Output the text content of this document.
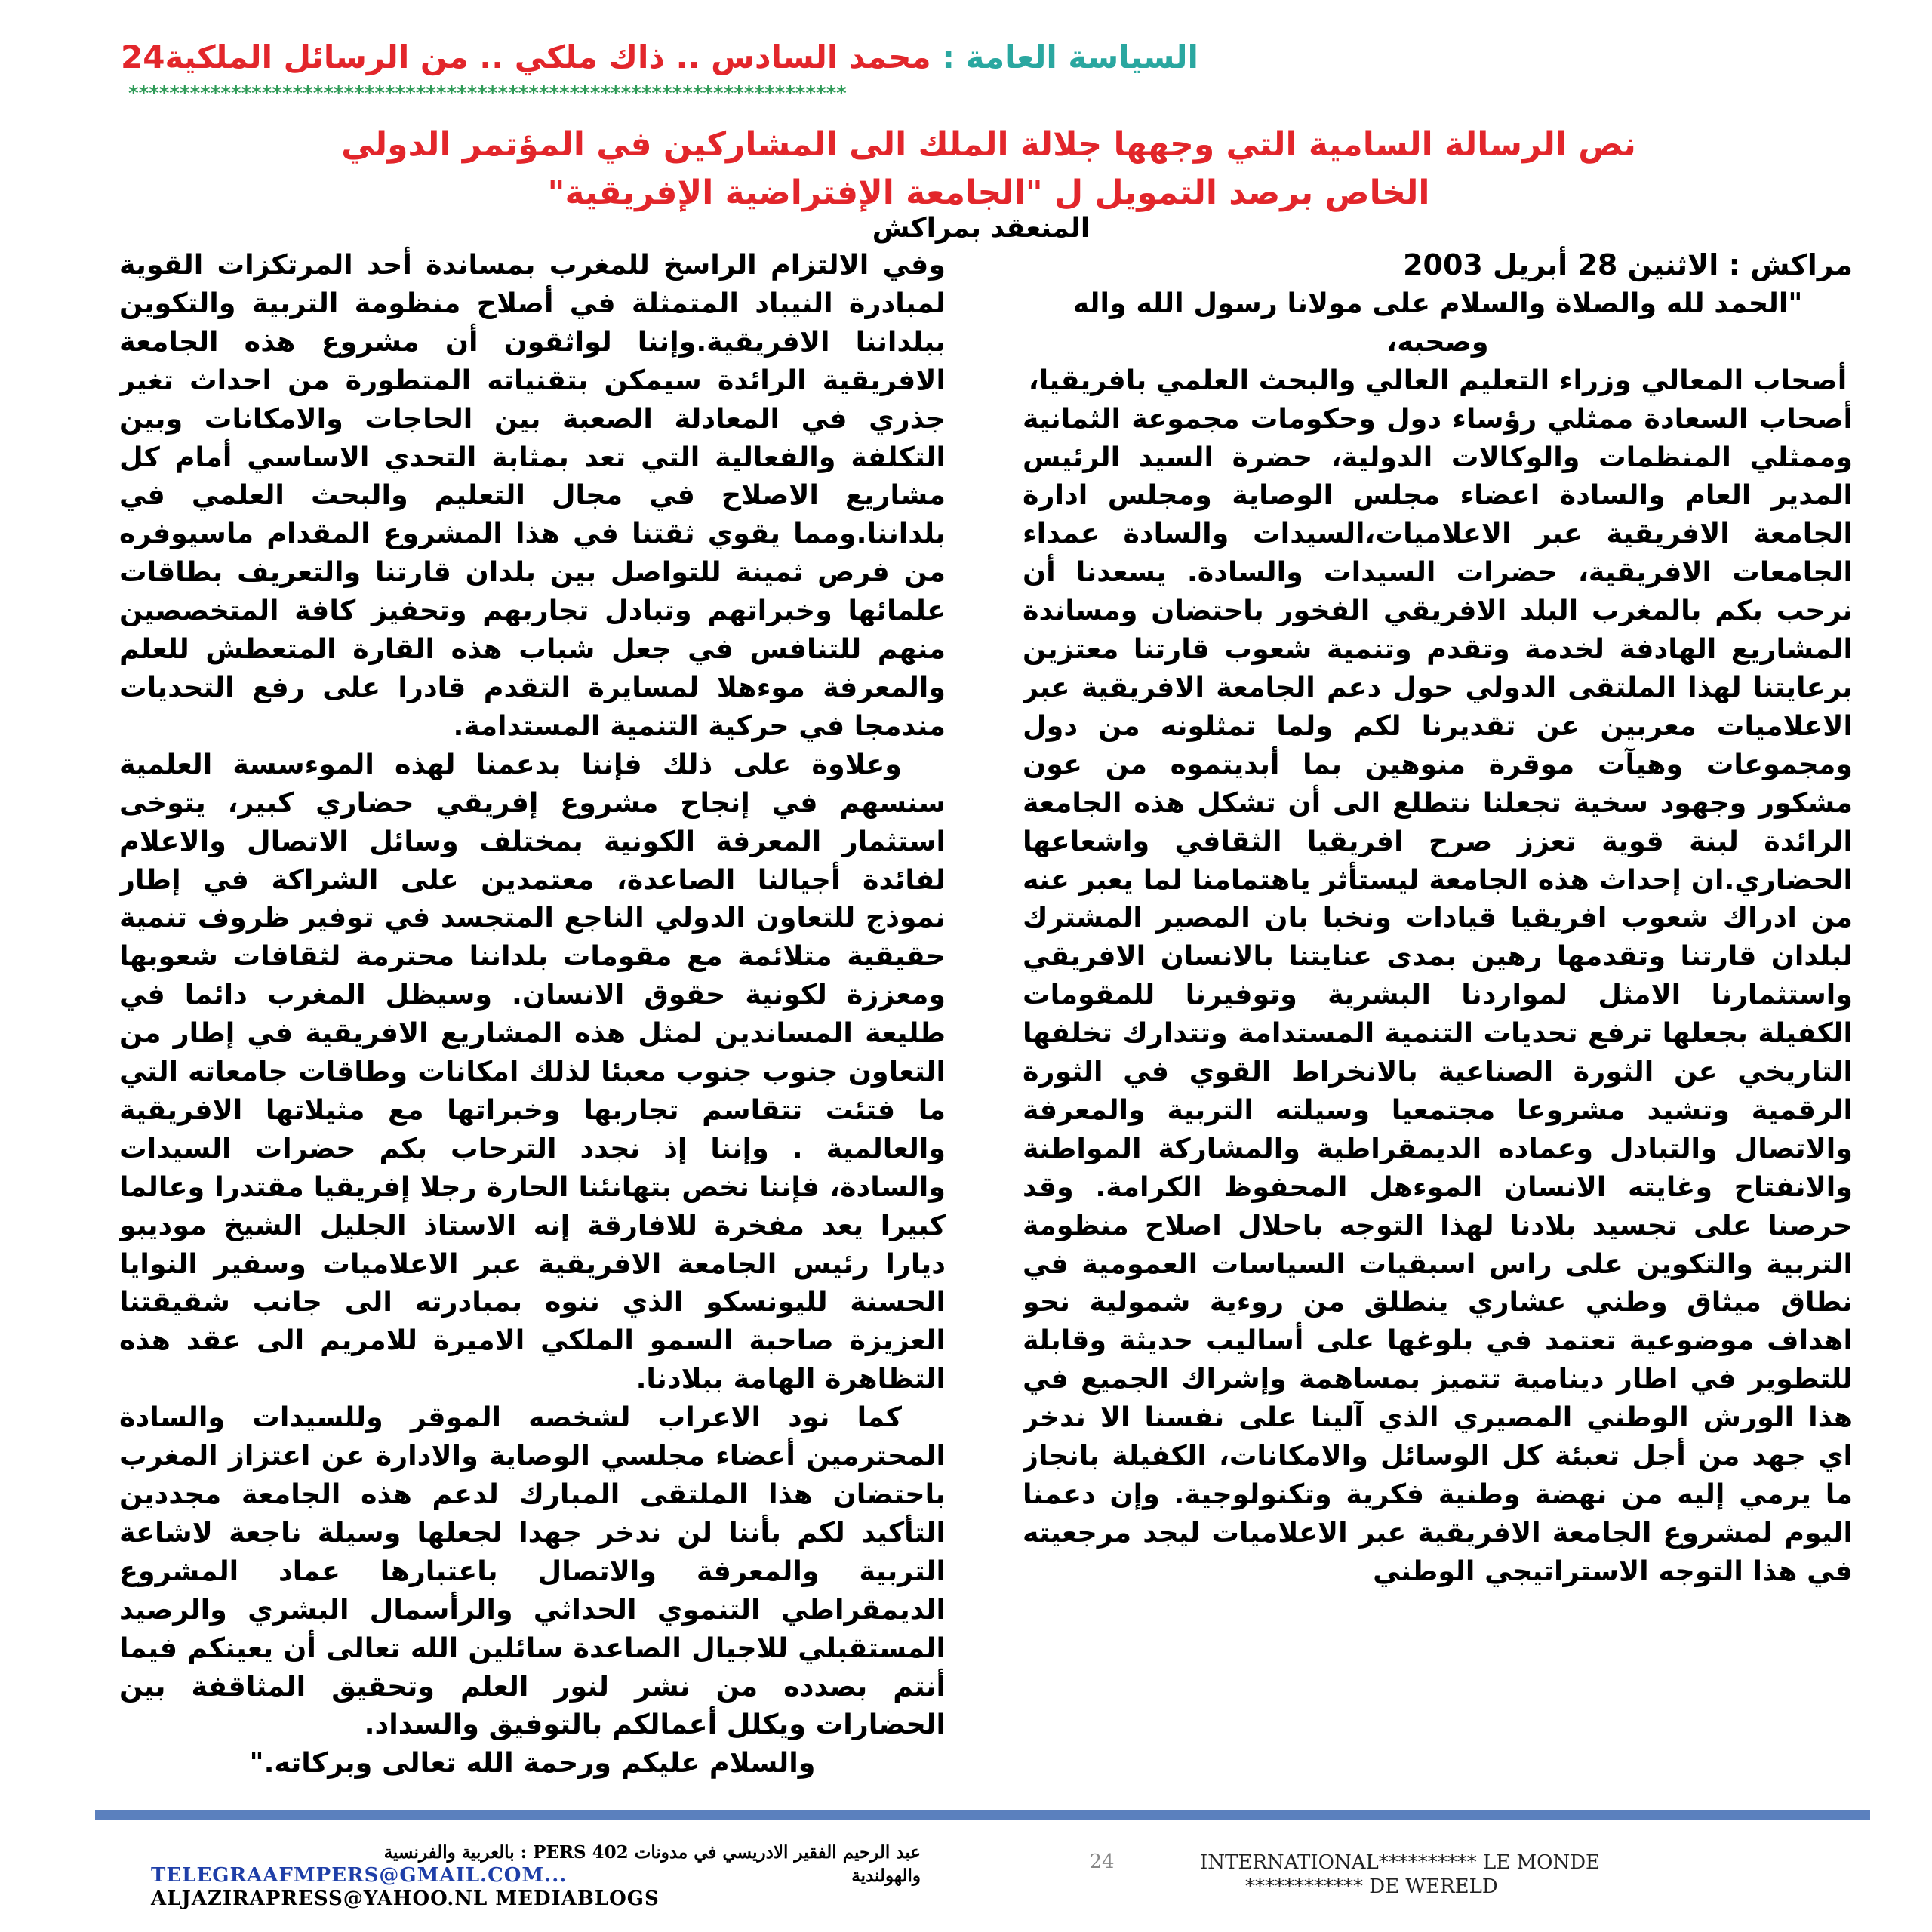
السياسة العامة : محمد السادس .. ذاك ملكي .. من الرسائل الملكية24
**********************************************************************
نص الرسالة السامية التي وجهها جلالة الملك الى المشاركين في المؤتمر الدولي
الخاص برصد التمويل ل "الجامعة الإفتراضية الإفريقية"
المنعقد بمراكش

مراكش : الاثنين 28 أبريل 2003

"الحمد لله والصلاة والسلام على مولانا رسول الله واله وصحبه،

أصحاب المعالي وزراء التعليم العالي والبحث العلمي بافريقيا،

أصحاب السعادة ممثلي رؤساء دول وحكومات مجموعة الثمانية وممثلي المنظمات والوكالات الدولية، حضرة السيد الرئيس المدير العام والسادة اعضاء مجلس الوصاية ومجلس ادارة الجامعة الافريقية عبر الاعلاميات،السيدات والسادة عمداء الجامعات الافريقية، حضرات السيدات والسادة. يسعدنا أن نرحب بكم بالمغرب البلد الافريقي الفخور باحتضان ومساندة المشاريع الهادفة لخدمة وتقدم وتنمية شعوب قارتنا معتزين برعايتنا لهذا الملتقى الدولي حول دعم الجامعة الافريقية عبر الاعلاميات معربين عن تقديرنا لكم ولما تمثلونه من دول ومجموعات وهيآت موقرة منوهين بما أبديتموه من عون مشكور وجهود سخية تجعلنا نتطلع الى أن تشكل هذه الجامعة الرائدة لبنة قوية تعزز صرح افريقيا الثقافي واشعاعها الحضاري.ان إحداث هذه الجامعة ليستأثر ياهتمامنا لما يعبر عنه من ادراك شعوب افريقيا قيادات ونخبا بان المصير المشترك لبلدان قارتنا وتقدمها رهين بمدى عنايتنا بالانسان الافريقي واستثمارنا الامثل لمواردنا البشرية وتوفيرنا للمقومات الكفيلة بجعلها ترفع تحديات التنمية المستدامة وتتدارك تخلفها التاريخي عن الثورة الصناعية بالانخراط القوي في الثورة الرقمية وتشيد مشروعا مجتمعيا وسيلته التربية والمعرفة والاتصال والتبادل وعماده الديمقراطية والمشاركة المواطنة والانفتاح وغايته الانسان الموءهل المحفوظ الكرامة. وقد حرصنا على تجسيد بلادنا لهذا التوجه باحلال اصلاح منظومة التربية والتكوين على راس اسبقيات السياسات العمومية في نطاق ميثاق وطني عشاري ينطلق من روءية شمولية نحو اهداف موضوعية تعتمد في بلوغها على أساليب حديثة وقابلة للتطوير في اطار دينامية تتميز بمساهمة وإشراك الجميع في هذا الورش الوطني المصيري الذي آلينا على نفسنا الا ندخر اي جهد من أجل تعبئة كل الوسائل والامكانات، الكفيلة بانجاز ما يرمي إليه من نهضة وطنية فكرية وتكنولوجية. وإن دعمنا اليوم لمشروع الجامعة الافريقية عبر الاعلاميات ليجد مرجعيته في هذا التوجه الاستراتيجي الوطني

وفي الالتزام الراسخ للمغرب بمساندة أحد المرتكزات القوية لمبادرة النيباد المتمثلة في أصلاح منظومة التربية والتكوين ببلداننا الافريقية.وإننا لواثقون أن مشروع هذه الجامعة الافريقية الرائدة سيمكن بتقنياته المتطورة من احداث تغير جذري في المعادلة الصعبة بين الحاجات والامكانات وبين التكلفة والفعالية التي تعد بمثابة التحدي الاساسي أمام كل مشاريع الاصلاح في مجال التعليم والبحث العلمي في بلداننا.ومما يقوي ثقتنا في هذا المشروع المقدام ماسيوفره من فرص ثمينة للتواصل بين بلدان قارتنا والتعريف بطاقات علمائها وخبراتهم وتبادل تجاربهم وتحفيز كافة المتخصصين منهم للتنافس في جعل شباب هذه القارة المتعطش للعلم والمعرفة موءهلا لمسايرة التقدم قادرا على رفع التحديات مندمجا في حركية التنمية المستدامة.

وعلاوة على ذلك فإننا بدعمنا لهذه الموءسسة العلمية سنسهم في إنجاح مشروع إفريقي حضاري كبير، يتوخى استثمار المعرفة الكونية بمختلف وسائل الاتصال والاعلام لفائدة أجيالنا الصاعدة، معتمدين على الشراكة في إطار نموذج للتعاون الدولي الناجع المتجسد في توفير ظروف تنمية حقيقية متلائمة مع مقومات بلداننا محترمة لثقافات شعوبها ومعززة لكونية حقوق الانسان. وسيظل المغرب دائما في طليعة المساندين لمثل هذه المشاريع الافريقية في إطار من التعاون جنوب جنوب معبئا لذلك امكانات وطاقات جامعاته التي ما فتئت تتقاسم تجاربها وخبراتها مع مثيلاتها الافريقية والعالمية . وإننا إذ نجدد الترحاب بكم حضرات السيدات والسادة، فإننا نخص بتهانئنا الحارة رجلا إفريقيا مقتدرا وعالما كبيرا يعد مفخرة للافارقة إنه الاستاذ الجليل الشيخ موديبو ديارا رئيس الجامعة الافريقية عبر الاعلاميات وسفير النوايا الحسنة لليونسكو الذي ننوه بمبادرته الى جانب شقيقتنا العزيزة صاحبة السمو الملكي الاميرة للامريم الى عقد هذه التظاهرة الهامة ببلادنا.

كما نود الاعراب لشخصه الموقر وللسيدات والسادة المحترمين أعضاء مجلسي الوصاية والادارة عن اعتزاز المغرب باحتضان هذا الملتقى المبارك لدعم هذه الجامعة مجددين التأكيد لكم بأننا لن ندخر جهدا لجعلها وسيلة ناجعة لاشاعة التربية والمعرفة والاتصال باعتبارها عماد المشروع الديمقراطي التنموي الحداثي والرأسمال البشري والرصيد المستقبلي للاجيال الصاعدة سائلين الله تعالى أن يعينكم فيما أنتم بصدده من نشر لنور العلم وتحقيق المثاقفة بين الحضارات ويكلل أعمالكم بالتوفيق والسداد.

والسلام عليكم ورحمة الله تعالى وبركاته."

INTERNATIONAL********** LE MONDE
************ DE WERELD
24
عبد الرحيم الفقير الادريسي في مدونات PERS 402 : بالعربية والفرنسية
TELEGRAAFMPERS@GMAIL.COM...	والهولندية
ALJAZIRAPRESS@YAHOO.NL MEDIABLOGS
